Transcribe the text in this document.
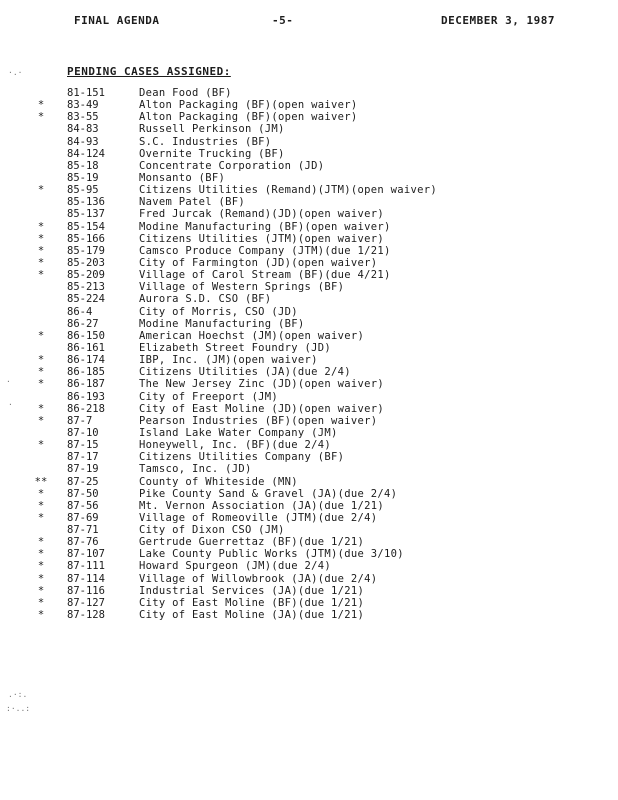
FINAL AGENDA	-5-	DECEMBER 3, 1987
PENDING CASES ASSIGNED:
81-151	Dean Food (BF)
*	83-49	Alton Packaging (BF)(open waiver)
*	83-55	Alton Packaging (BF)(open waiver)
84-83	Russell Perkinson (JM)
84-93	S.C. Industries (BF)
84-124	Overnite Trucking (BF)
85-18	Concentrate Corporation (JD)
85-19	Monsanto (BF)
*	85-95	Citizens Utilities (Remand)(JTM)(open waiver)
85-136	Navem Patel (BF)
85-137	Fred Jurcak (Remand)(JD)(open waiver)
*	85-154	Modine Manufacturing (BF)(open waiver)
*	85-166	Citizens Utilities (JTM)(open waiver)
*	85-179	Camsco Produce Company (JTM)(due 1/21)
*	85-203	City of Farmington (JD)(open waiver)
*	85-209	Village of Carol Stream (BF)(due 4/21)
85-213	Village of Western Springs (BF)
85-224	Aurora S.D. CSO (BF)
86-4	City of Morris, CSO (JD)
86-27	Modine Manufacturing (BF)
*	86-150	American Hoechst (JM)(open waiver)
86-161	Elizabeth Street Foundry (JD)
*	86-174	IBP, Inc. (JM)(open waiver)
*	86-185	Citizens Utilities (JA)(due 2/4)
*	86-187	The New Jersey Zinc (JD)(open waiver)
86-193	City of Freeport (JM)
*	86-218	City of East Moline (JD)(open waiver)
*	87-7	Pearson Industries (BF)(open waiver)
87-10	Island Lake Water Company (JM)
*	87-15	Honeywell, Inc. (BF)(due 2/4)
87-17	Citizens Utilities Company (BF)
87-19	Tamsco, Inc. (JD)
**	87-25	County of Whiteside (MN)
*	87-50	Pike County Sand & Gravel (JA)(due 2/4)
*	87-56	Mt. Vernon Association (JA)(due 1/21)
*	87-69	Village of Romeoville (JTM)(due 2/4)
87-71	City of Dixon CSO (JM)
*	87-76	Gertrude Guerrettaz (BF)(due 1/21)
*	87-107	Lake County Public Works (JTM)(due 3/10)
*	87-111	Howard Spurgeon (JM)(due 2/4)
*	87-114	Village of Willowbrook (JA)(due 2/4)
*	87-116	Industrial Services (JA)(due 1/21)
*	87-127	City of East Moline (BF)(due 1/21)
*	87-128	City of East Moline (JA)(due 1/21)
·.·
·
·
.·:.
:·..:
